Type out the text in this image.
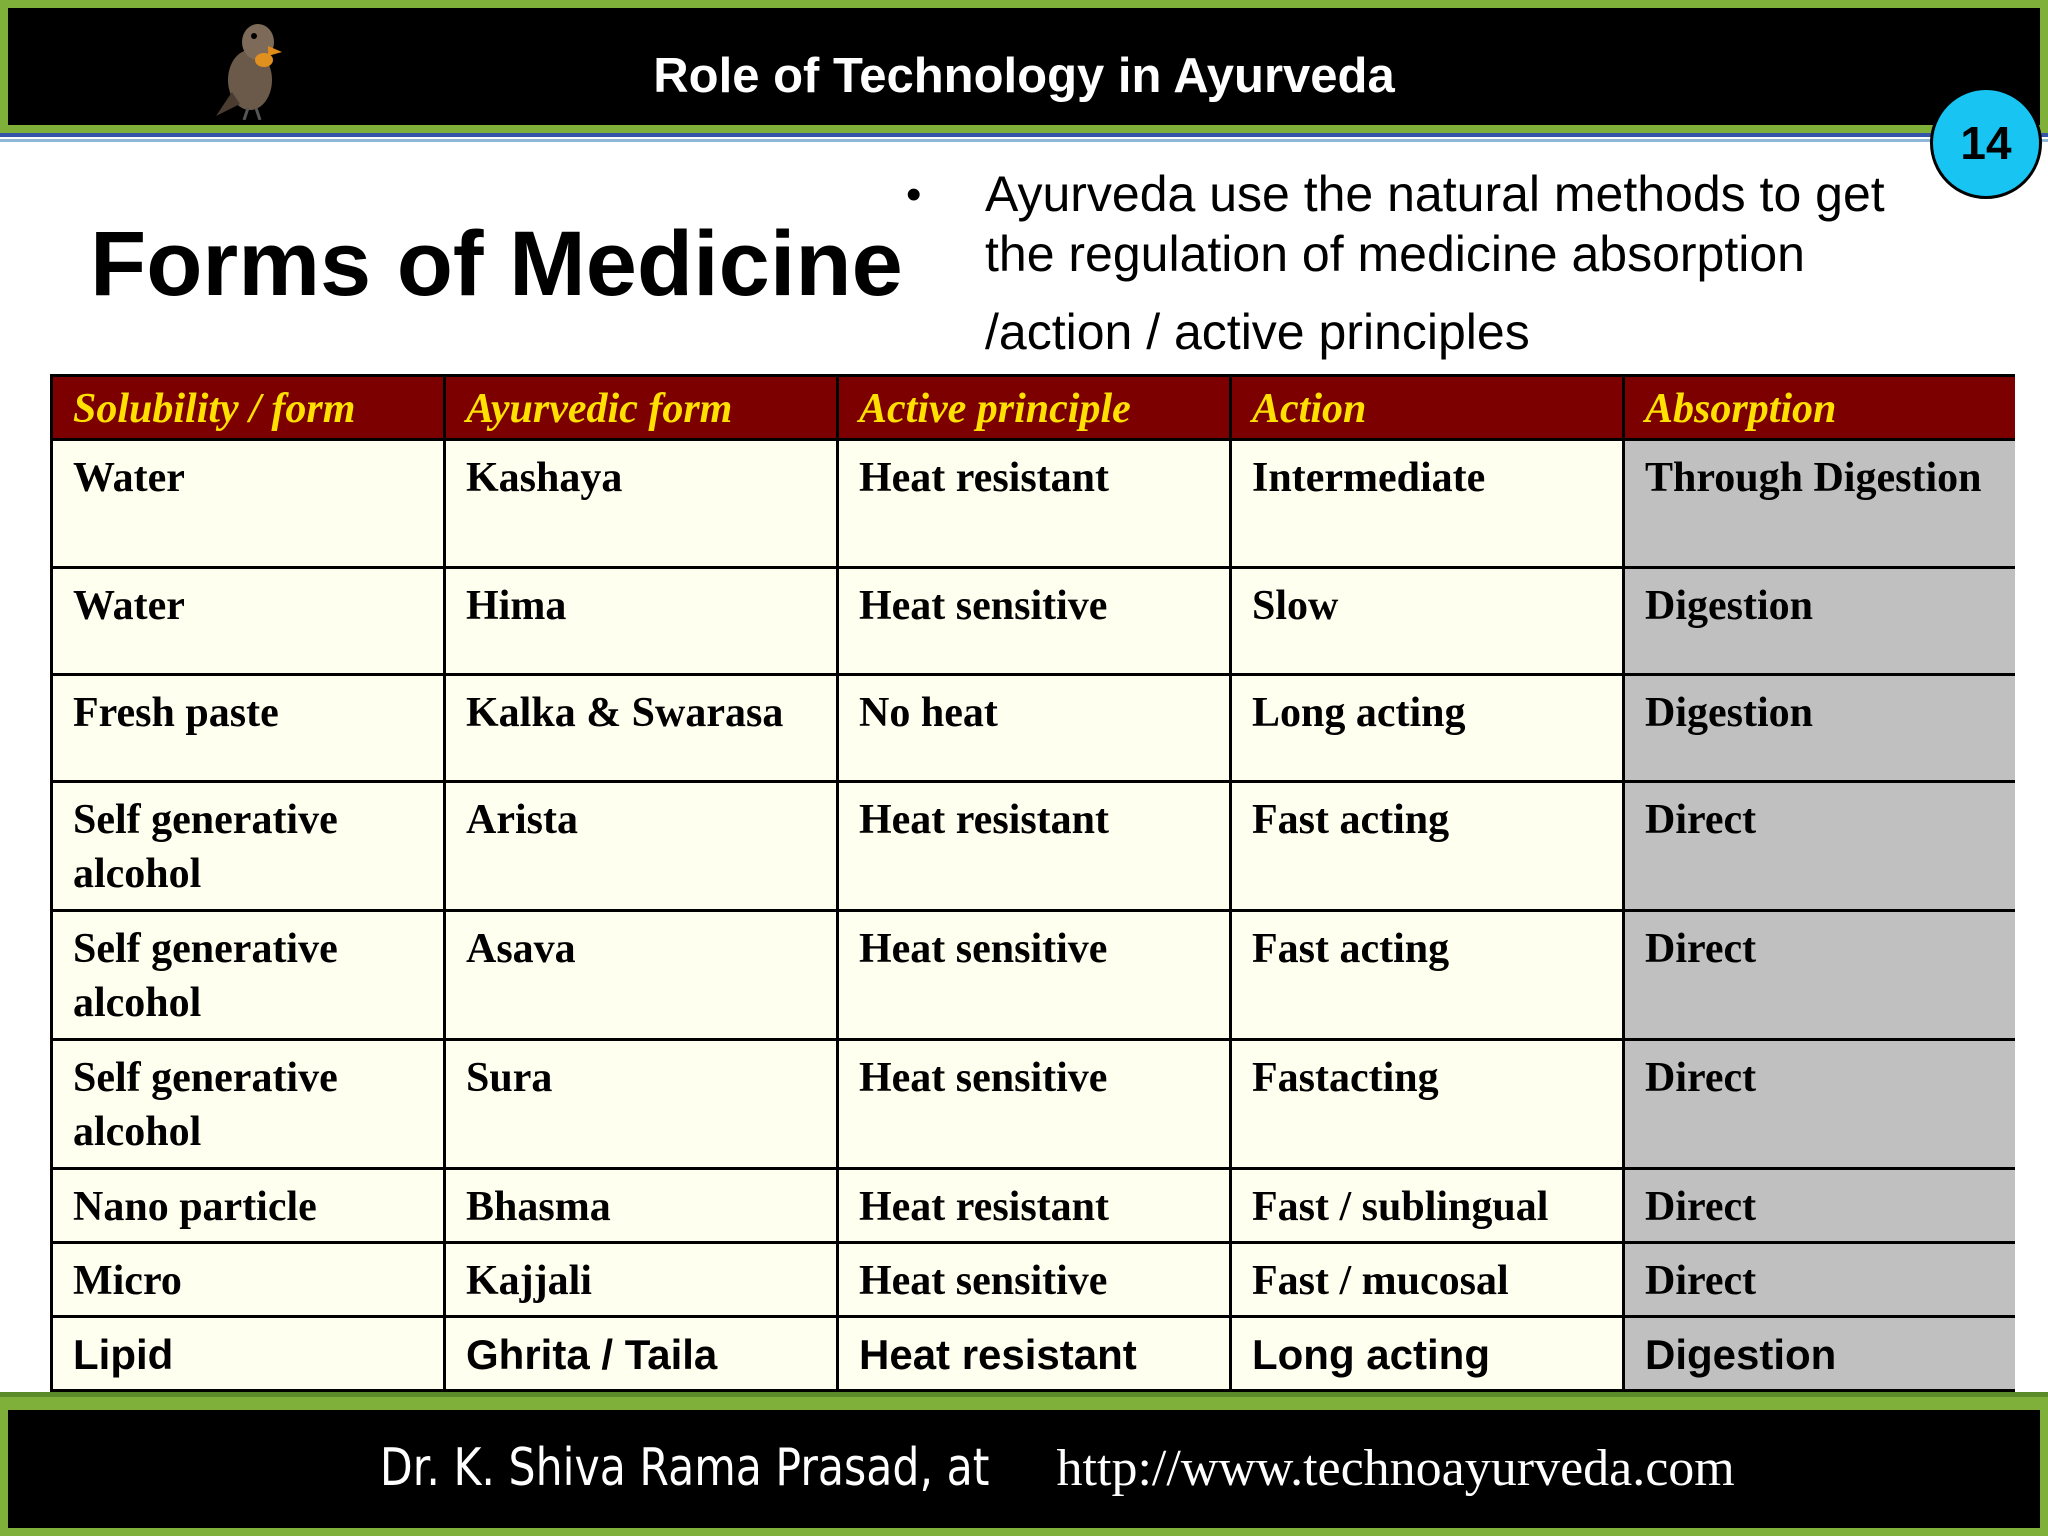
Role of Technology in Ayurveda
14
Forms of Medicine
• Ayurveda use the natural methods to get
the regulation of medicine absorption
/action / active principles
Solubility / form	Ayurvedic form	Active principle	Action	Absorption
Water	Kashaya	Heat resistant	Intermediate	Through Digestion
Water	Hima	Heat sensitive	Slow	Digestion
Fresh paste	Kalka & Swarasa	No heat	Long acting	Digestion
Self generative alcohol	Arista	Heat resistant	Fast acting	Direct
Self generative alcohol	Asava	Heat sensitive	Fast acting	Direct
Self generative alcohol	Sura	Heat sensitive	Fastacting	Direct
Nano particle	Bhasma	Heat resistant	Fast / sublingual	Direct
Micro	Kajjali	Heat sensitive	Fast / mucosal	Direct
Lipid	Ghrita / Taila	Heat resistant	Long acting	Digestion
Dr. K. Shiva Rama Prasad, athttp://www.technoayurveda.com
